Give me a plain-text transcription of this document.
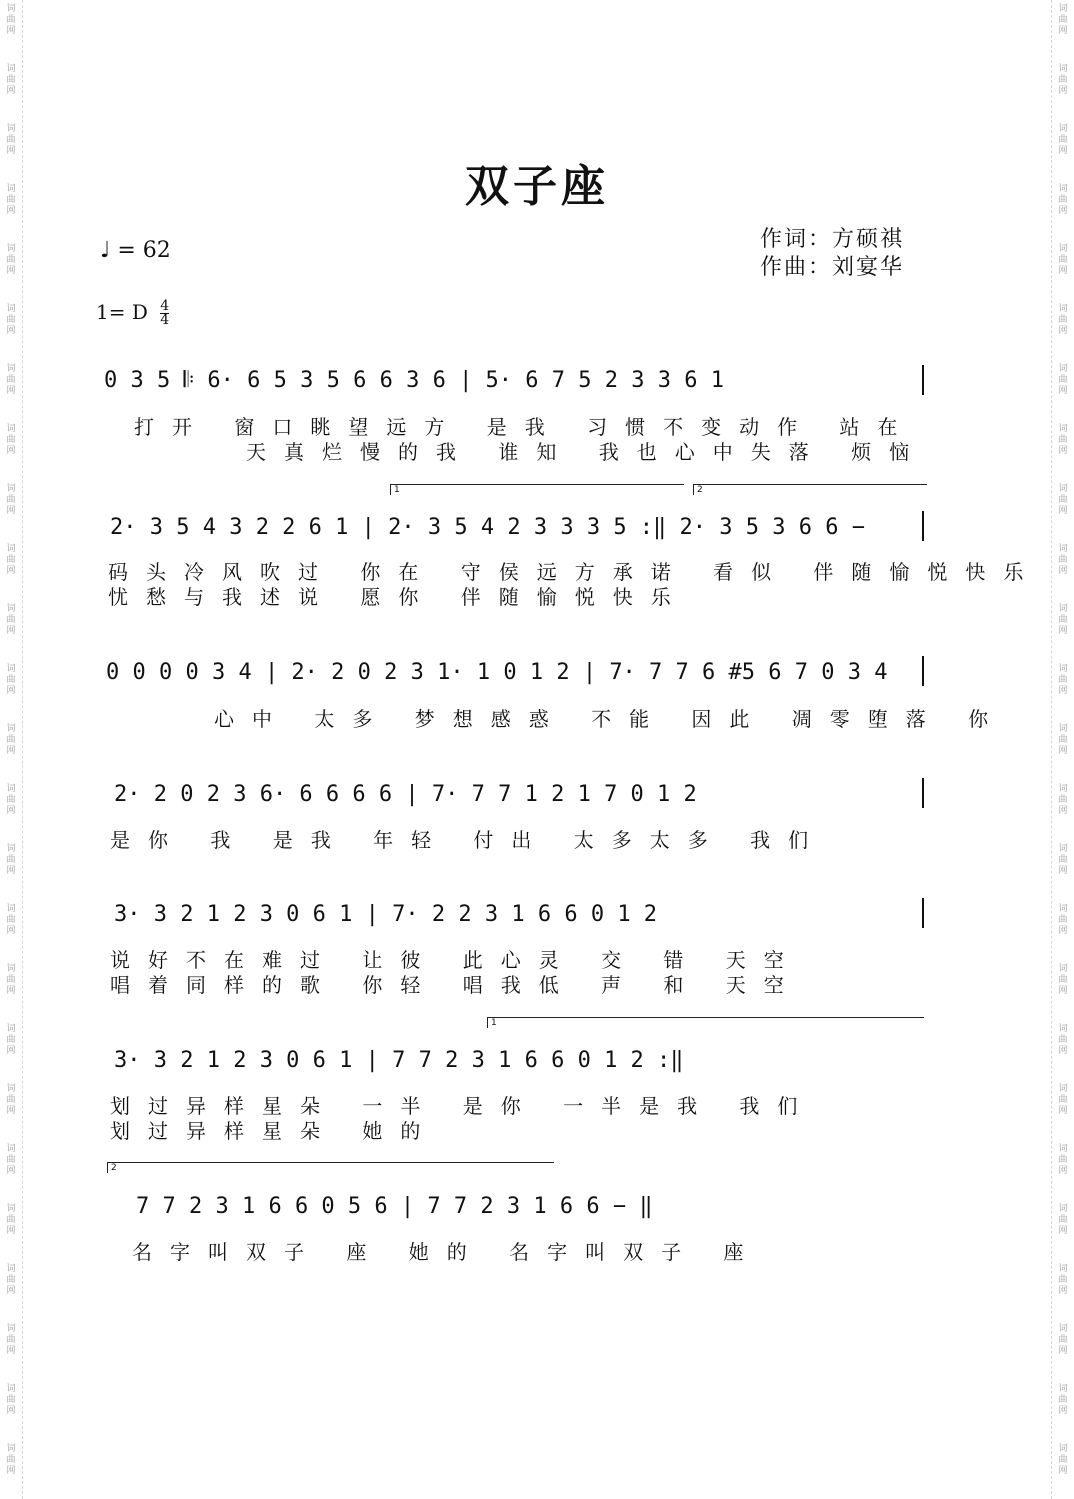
词
曲
网
词
曲
网
词
曲
网
词
曲
网
词
曲
网
词
曲
网
词
曲
网
词
曲
网
词
曲
网
词
曲
网
词
曲
网
词
曲
网
词
曲
网
词
曲
网
词
曲
网
词
曲
网
词
曲
网
词
曲
网
词
曲
网
词
曲
网
词
曲
网
词
曲
网
词
曲
网
词
曲
网
词
曲
网
词
曲
网
词
曲
网
词
曲
网
词
曲
网
词
曲
网
词
曲
网
词
曲
网
词
曲
网
词
曲
网
词
曲
网
词
曲
网
词
曲
网
词
曲
网
词
曲
网
词
曲
网
词
曲
网
词
曲
网
词
曲
网
词
曲
网
词
曲
网
词
曲
网
词
曲
网
词
曲
网
词
曲
网
词
曲
网
双子座
♩ = 62	作词：方硕祺
作曲：刘宴华
1= D $\frac{4}{4}$
0 3 5 𝄆 6· 6 5 3 5 6 6 3 6 | 5· 6 7 5 2 3 3 6 1
打开 窗口眺望远方 是我 习惯不变动作 站在
天真烂慢的我 谁知 我也心中失落 烦恼
1	2
2· 3 5 4 3 2 2 6 1 | 2· 3 5 4 2 3 3 3 5 :‖ 2· 3 5 3 6 6 −
码头冷风吹过 你在 守侯远方承诺 看似 伴随愉悦快乐
忧愁与我述说 愿你 伴随愉悦快乐
0 0 0 0 3 4 | 2· 2 0 2 3 1· 1 0 1 2 | 7· 7 7 6 #5 6 7 0 3 4
心中 太多 梦想感惑 不能 因此 凋零堕落 你
2· 2 0 2 3 6· 6 6 6 6 | 7· 7 7 1 2 1 7 0 1 2
是你 我 是我 年轻 付出 太多太多 我们
3· 3 2 1 2 3 0 6 1 | 7· 2 2 3 1 6 6 0 1 2
说好不在难过 让彼 此心灵 交 错 天空
唱着同样的歌 你轻 唱我低 声 和 天空
1
3· 3 2 1 2 3 0 6 1 | 7 7 2 3 1 6 6 0 1 2 :‖
划过异样星朵 一半 是你 一半是我 我们
划过异样星朵 她的
2
7 7 2 3 1 6 6 0 5 6 | 7 7 2 3 1 6 6 − ‖
名字叫双子 座 她的 名字叫双子 座
